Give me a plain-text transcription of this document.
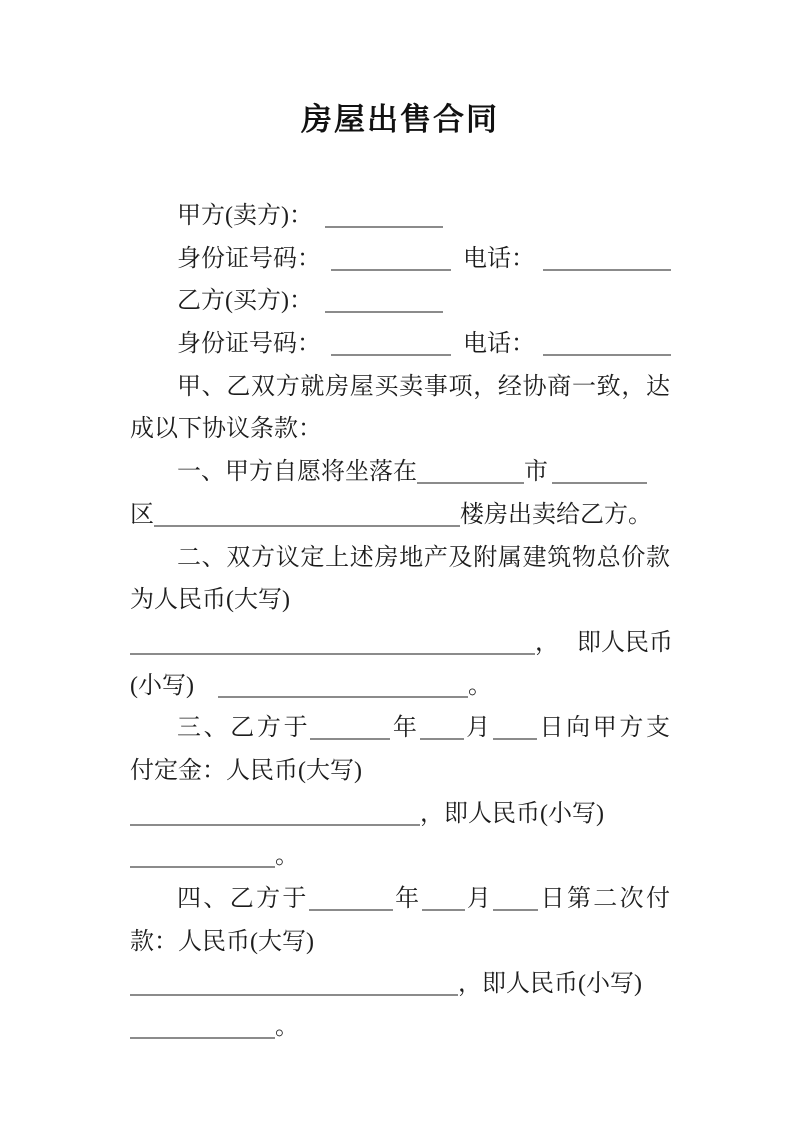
房屋出售合同
甲方(卖方)：
身份证号码：	电话：
乙方(买方)：
身份证号码：	电话：
甲、乙双方就房屋买卖事项，经协商一致，达
成以下协议条款：
一、甲方自愿将坐落在	市
区	楼房出卖给乙方。
二、双方议定上述房地产及附属建筑物总价款
为人民币(大写)
， 即人民币
(小写)	。
三、乙方于	年 月 日向甲方支
付定金：人民币(大写)
，即人民币(小写)
。
四、乙方于	年 月 日第二次付
款：人民币(大写)
，即人民币(小写)
。
